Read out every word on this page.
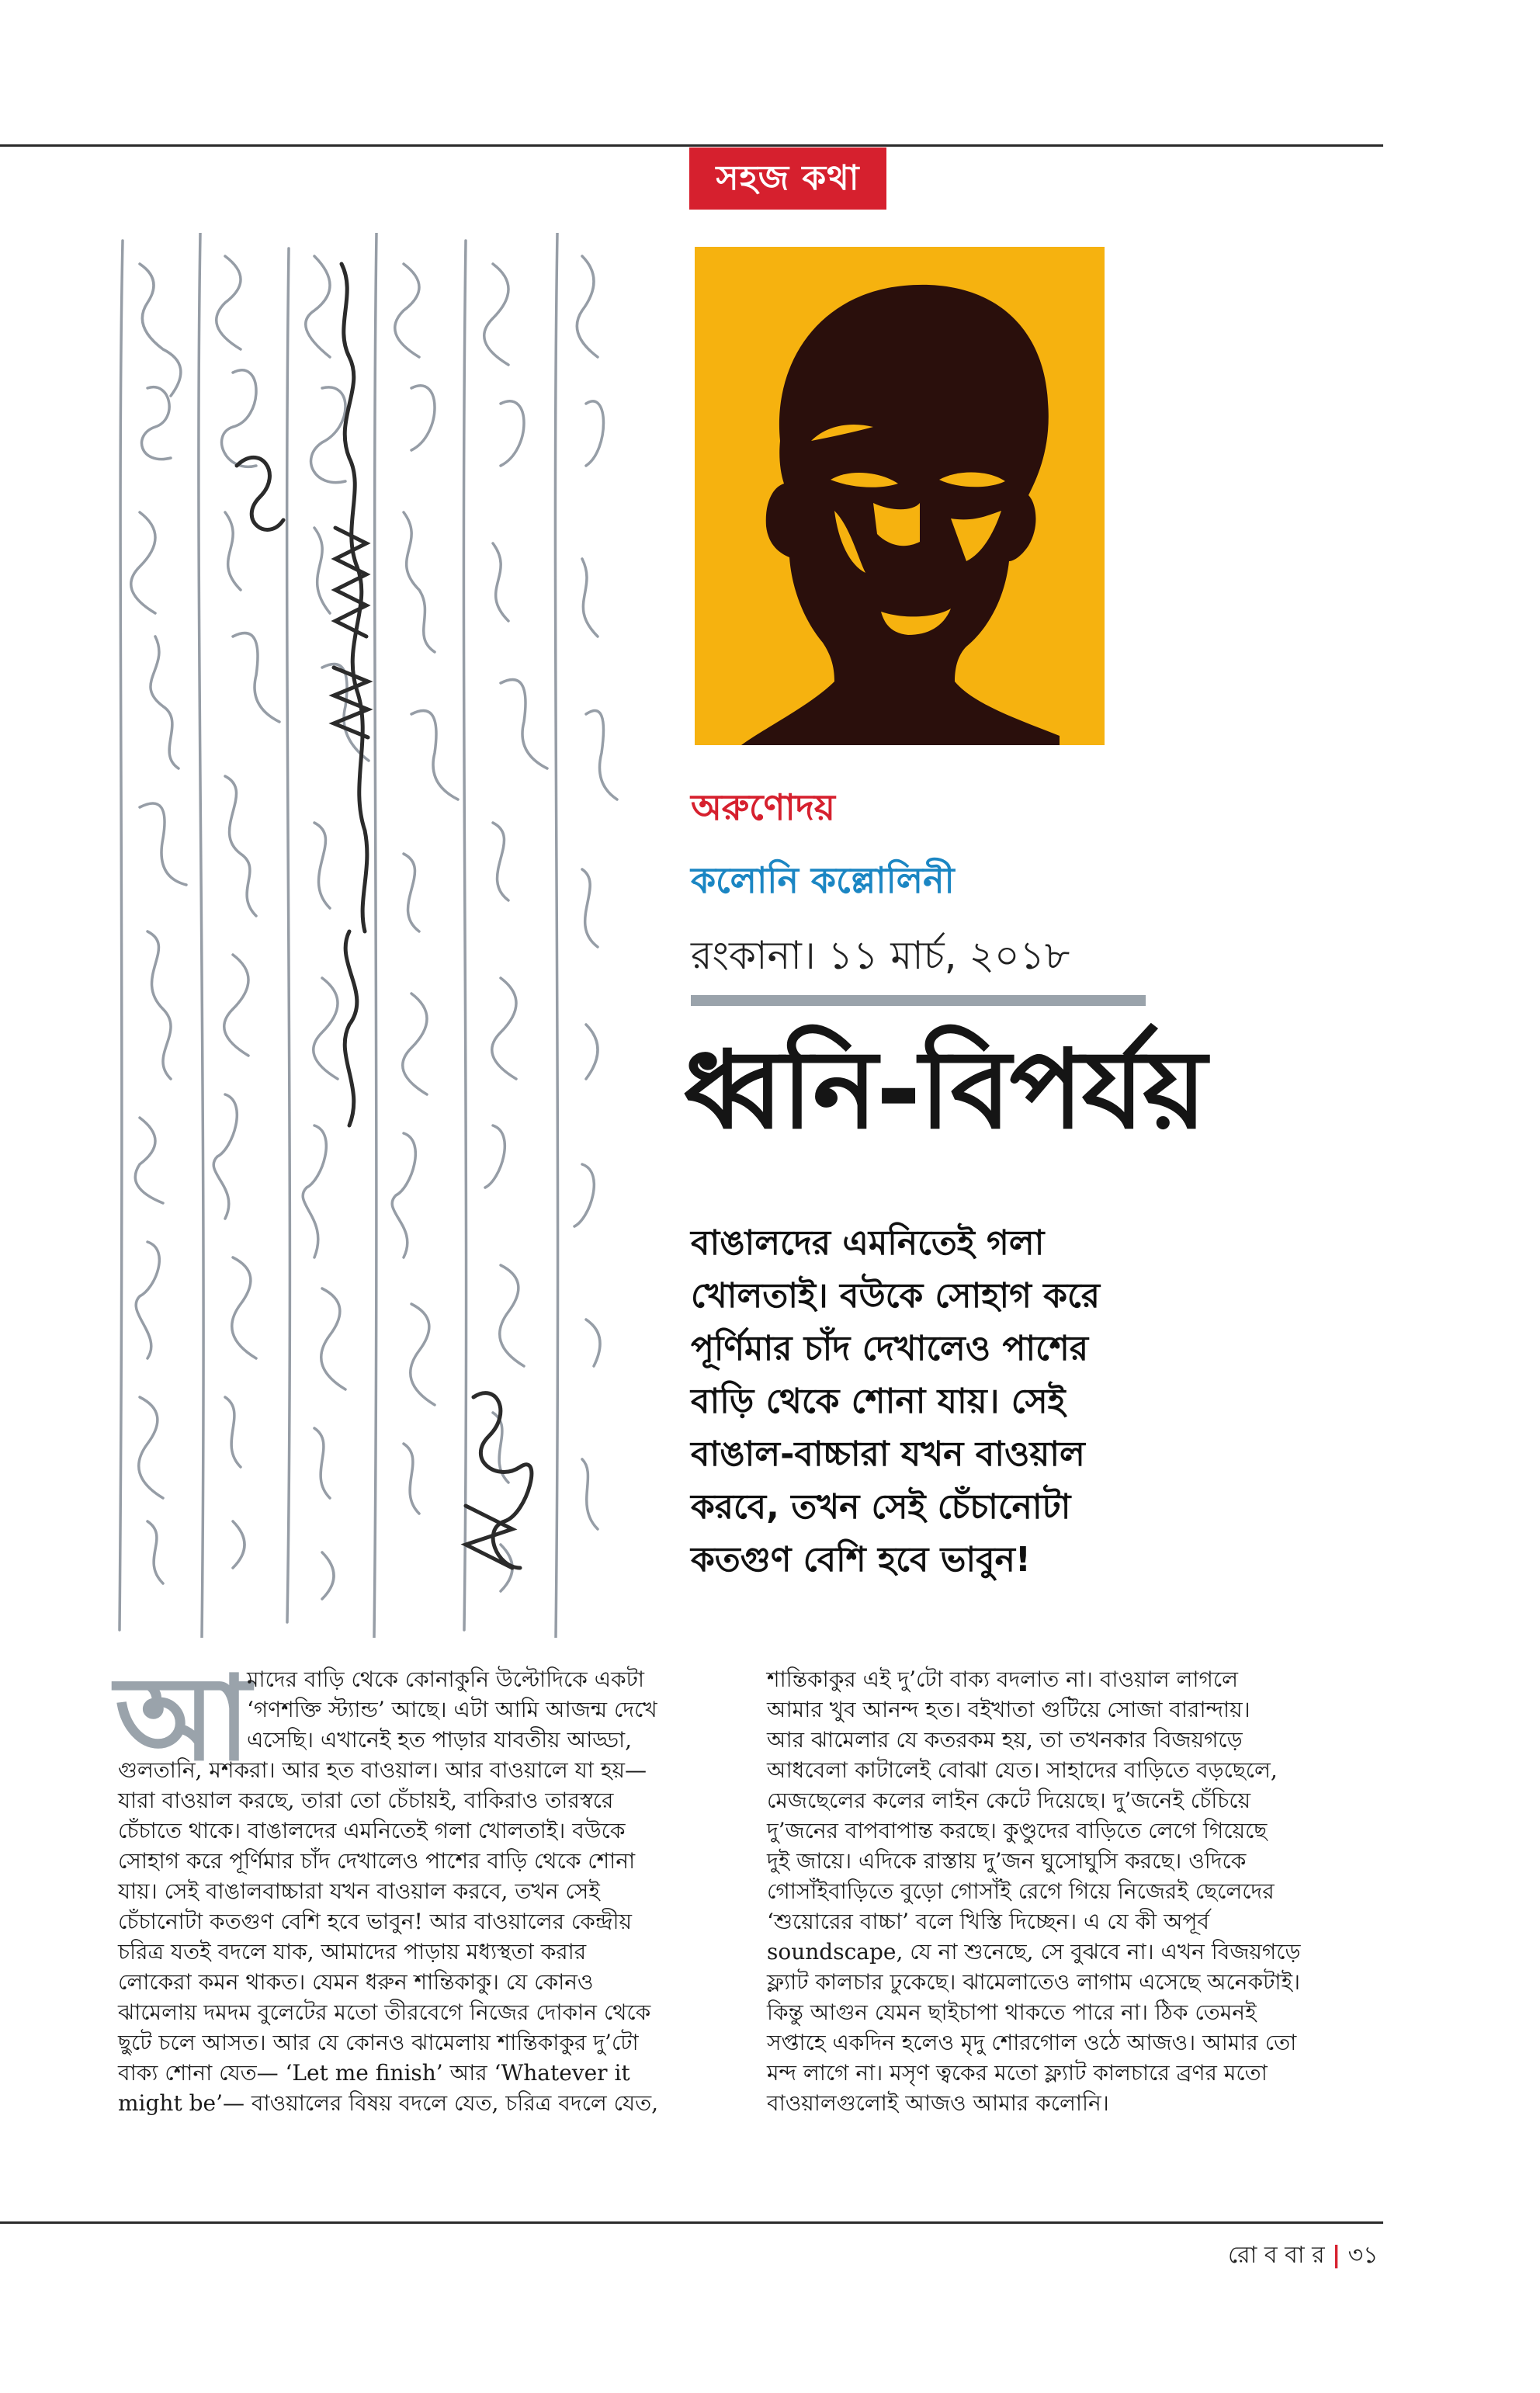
সহজ কথা
অরুণোদয়
কলোনি কল্লোলিনী
রংকানা। ১১ মার্চ, ২০১৮
ধ্বনি-বিপর্যয়
বাঙালদের এমনিতেই গলা
খোলতাই। বউকে সোহাগ করে
পূর্ণিমার চাঁদ দেখালেও পাশের
বাড়ি থেকে শোনা যায়। সেই
বাঙাল-বাচ্চারা যখন বাওয়াল
করবে, তখন সেই চেঁচানোটা
কতগুণ বেশি হবে ভাবুন!
আ
মাদের বাড়ি থেকে কোনাকুনি উল্টোদিকে একটা
‘গণশক্তি স্ট্যান্ড’ আছে। এটা আমি আজন্ম দেখে
এসেছি। এখানেই হত পাড়ার যাবতীয় আড্ডা,
গুলতানি, মশকরা। আর হত বাওয়াল। আর বাওয়ালে যা হয়—
যারা বাওয়াল করছে, তারা তো চেঁচায়ই, বাকিরাও তারস্বরে
চেঁচাতে থাকে। বাঙালদের এমনিতেই গলা খোলতাই। বউকে
সোহাগ করে পূর্ণিমার চাঁদ দেখালেও পাশের বাড়ি থেকে শোনা
যায়। সেই বাঙালবাচ্চারা যখন বাওয়াল করবে, তখন সেই
চেঁচানোটা কতগুণ বেশি হবে ভাবুন! আর বাওয়ালের কেন্দ্রীয়
চরিত্র যতই বদলে যাক, আমাদের পাড়ায় মধ্যস্থতা করার
লোকেরা কমন থাকত। যেমন ধরুন শান্তিকাকু। যে কোনও
ঝামেলায় দমদম বুলেটের মতো তীরবেগে নিজের দোকান থেকে
ছুটে চলে আসত। আর যে কোনও ঝামেলায় শান্তিকাকুর দু’টো
বাক্য শোনা যেত— ‘Let me finish’ আর ‘Whatever it
might be’— বাওয়ালের বিষয় বদলে যেত, চরিত্র বদলে যেত,
শান্তিকাকুর এই দু’টো বাক্য বদলাত না। বাওয়াল লাগলে
আমার খুব আনন্দ হত। বইখাতা গুটিয়ে সোজা বারান্দায়।
আর ঝামেলার যে কতরকম হয়, তা তখনকার বিজয়গড়ে
আধবেলা কাটালেই বোঝা যেত। সাহাদের বাড়িতে বড়ছেলে,
মেজছেলের কলের লাইন কেটে দিয়েছে। দু’জনেই চেঁচিয়ে
দু’জনের বাপবাপান্ত করছে। কুণ্ডুদের বাড়িতে লেগে গিয়েছে
দুই জায়ে। এদিকে রাস্তায় দু’জন ঘুসোঘুসি করছে। ওদিকে
গোসাঁইবাড়িতে বুড়ো গোসাঁই রেগে গিয়ে নিজেরই ছেলেদের
‘শুয়োরের বাচ্চা’ বলে খিস্তি দিচ্ছেন। এ যে কী অপূর্ব
soundscape, যে না শুনেছে, সে বুঝবে না। এখন বিজয়গড়ে
ফ্ল্যাট কালচার ঢুকেছে। ঝামেলাতেও লাগাম এসেছে অনেকটাই।
কিন্তু আগুন যেমন ছাইচাপা থাকতে পারে না। ঠিক তেমনই
সপ্তাহে একদিন হলেও মৃদু শোরগোল ওঠে আজও। আমার তো
মন্দ লাগে না। মসৃণ ত্বকের মতো ফ্ল্যাট কালচারে ব্রণর মতো
বাওয়ালগুলোই আজও আমার কলোনি।
রো ব বা র | ৩১
